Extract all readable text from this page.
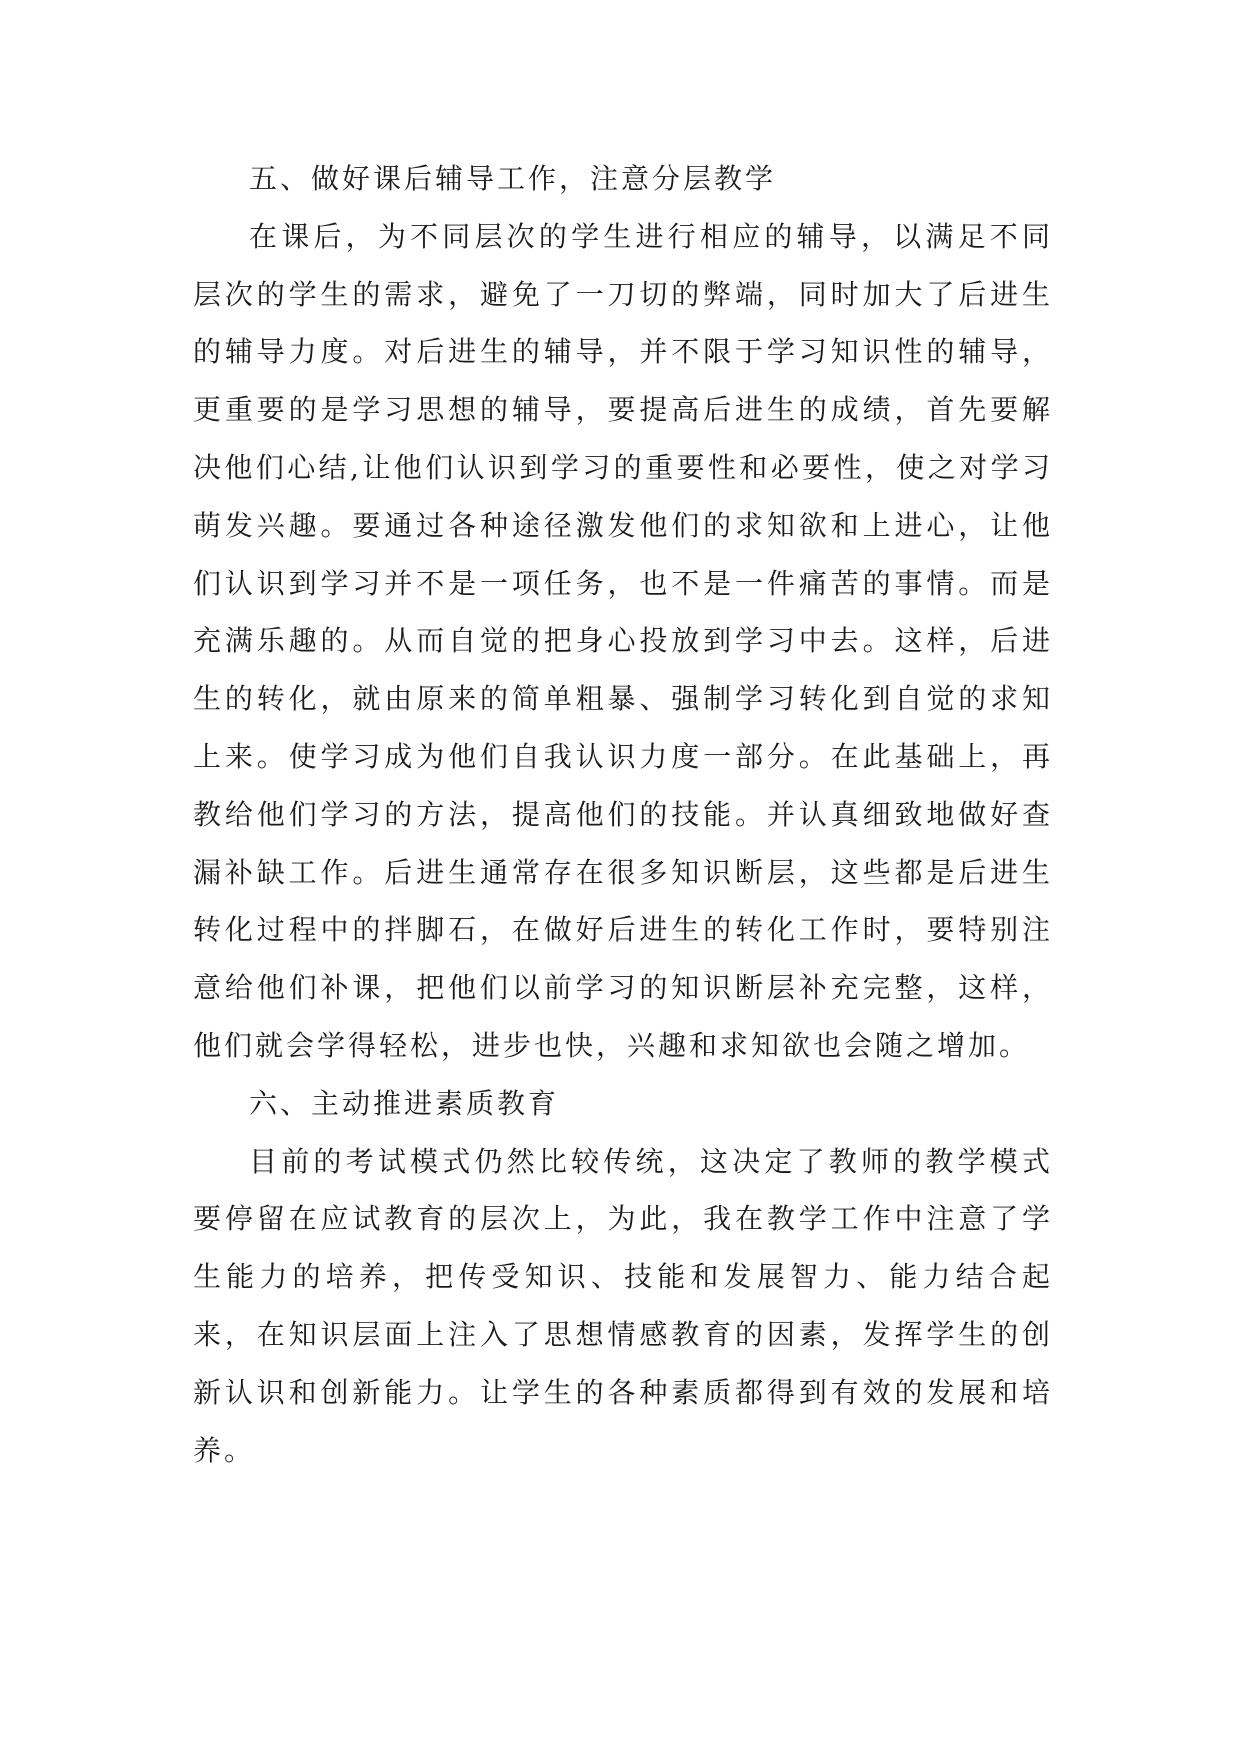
五、做好课后辅导工作，注意分层教学

在课后，为不同层次的学生进行相应的辅导，以满足不同层次的学生的需求，避免了一刀切的弊端，同时加大了后进生的辅导力度。对后进生的辅导，并不限于学习知识性的辅导，更重要的是学习思想的辅导，要提高后进生的成绩，首先要解决他们心结,让他们认识到学习的重要性和必要性，使之对学习萌发兴趣。要通过各种途径激发他们的求知欲和上进心，让他们认识到学习并不是一项任务，也不是一件痛苦的事情。而是充满乐趣的。从而自觉的把身心投放到学习中去。这样，后进生的转化，就由原来的简单粗暴、强制学习转化到自觉的求知上来。使学习成为他们自我认识力度一部分。在此基础上，再教给他们学习的方法，提高他们的技能。并认真细致地做好查漏补缺工作。后进生通常存在很多知识断层，这些都是后进生转化过程中的拌脚石，在做好后进生的转化工作时，要特别注意给他们补课，把他们以前学习的知识断层补充完整，这样，他们就会学得轻松，进步也快，兴趣和求知欲也会随之增加。

六、主动推进素质教育

目前的考试模式仍然比较传统，这决定了教师的教学模式要停留在应试教育的层次上，为此，我在教学工作中注意了学生能力的培养，把传受知识、技能和发展智力、能力结合起来，在知识层面上注入了思想情感教育的因素，发挥学生的创新认识和创新能力。让学生的各种素质都得到有效的发展和培养。
